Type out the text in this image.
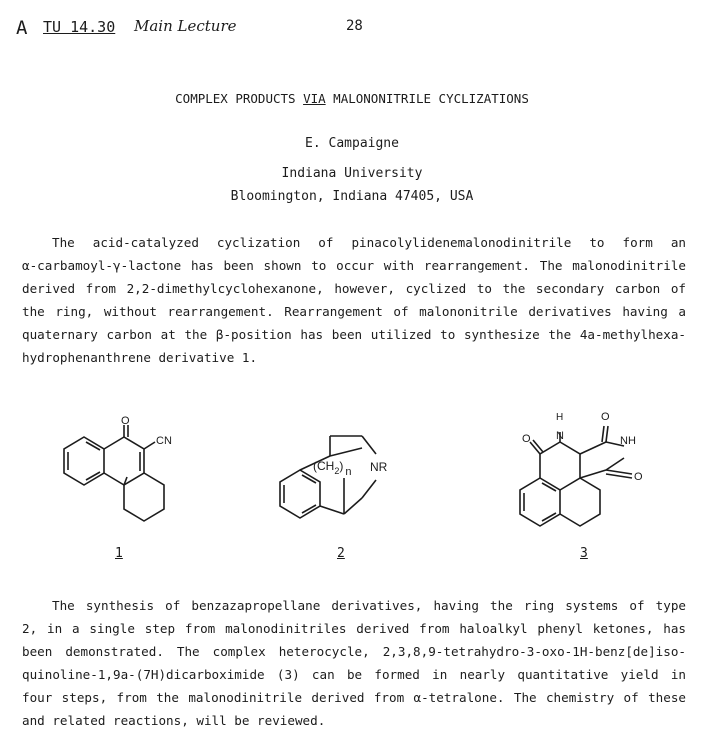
A TU 14.30 Main Lecture	28
COMPLEX PRODUCTS VIA MALONONITRILE CYCLIZATIONS
E. Campaigne
Indiana University
Bloomington, Indiana 47405, USA
The acid-catalyzed cyclization of pinacolylidenemalonodinitrile to form an
α-carbamoyl-γ-lactone has been shown to occur with rearrangement. The malonodinitrile
derived from 2,2-dimethylcyclohexanone, however, cyclized to the secondary carbon of
the ring, without rearrangement. Rearrangement of malononitrile derivatives having a
quaternary carbon at the β-position has been utilized to synthesize the 4a-methylhexa-
hydrophenanthrene derivative 1.
O
CN
$(CH_2)$ n NR
H
N
O
O	NH
O
1	2	3
The synthesis of benzazapropellane derivatives, having the ring systems of type
2, in a single step from malonodinitriles derived from haloalkyl phenyl ketones, has
been demonstrated. The complex heterocycle, 2,3,8,9-tetrahydro-3-oxo-1H-benz[de]iso-
quinoline-1,9a-(7H)dicarboximide (3) can be formed in nearly quantitative yield in
four steps, from the malonodinitrile derived from α-tetralone. The chemistry of these
and related reactions, will be reviewed.
